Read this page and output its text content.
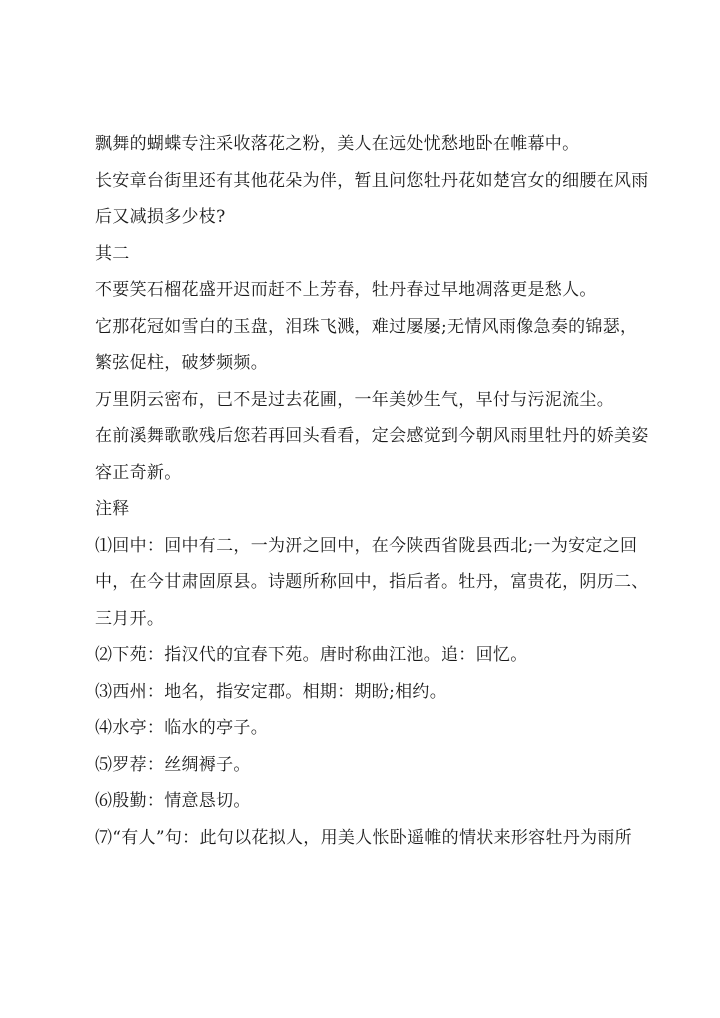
飘舞的蝴蝶专注采收落花之粉，美人在远处忧愁地卧在帷幕中。
长安章台街里还有其他花朵为伴，暂且问您牡丹花如楚宫女的细腰在风雨
后又减损多少枝?
其二
不要笑石榴花盛开迟而赶不上芳春，牡丹春过早地凋落更是愁人。
它那花冠如雪白的玉盘，泪珠飞溅，难过屡屡;无情风雨像急奏的锦瑟，
繁弦促柱，破梦频频。
万里阴云密布，已不是过去花圃，一年美妙生气，早付与污泥流尘。
在前溪舞歌歌残后您若再回头看看，定会感觉到今朝风雨里牡丹的娇美姿
容正奇新。
注释
⑴回中：回中有二，一为汧之回中，在今陕西省陇县西北;一为安定之回
中，在今甘肃固原县。诗题所称回中，指后者。牡丹，富贵花，阴历二、
三月开。
⑵下苑：指汉代的宜春下苑。唐时称曲江池。追：回忆。
⑶西州：地名，指安定郡。相期：期盼;相约。
⑷水亭：临水的亭子。
⑸罗荐：丝绸褥子。
⑹殷勤：情意恳切。
⑺“有人”句：此句以花拟人，用美人怅卧遥帷的情状来形容牡丹为雨所
